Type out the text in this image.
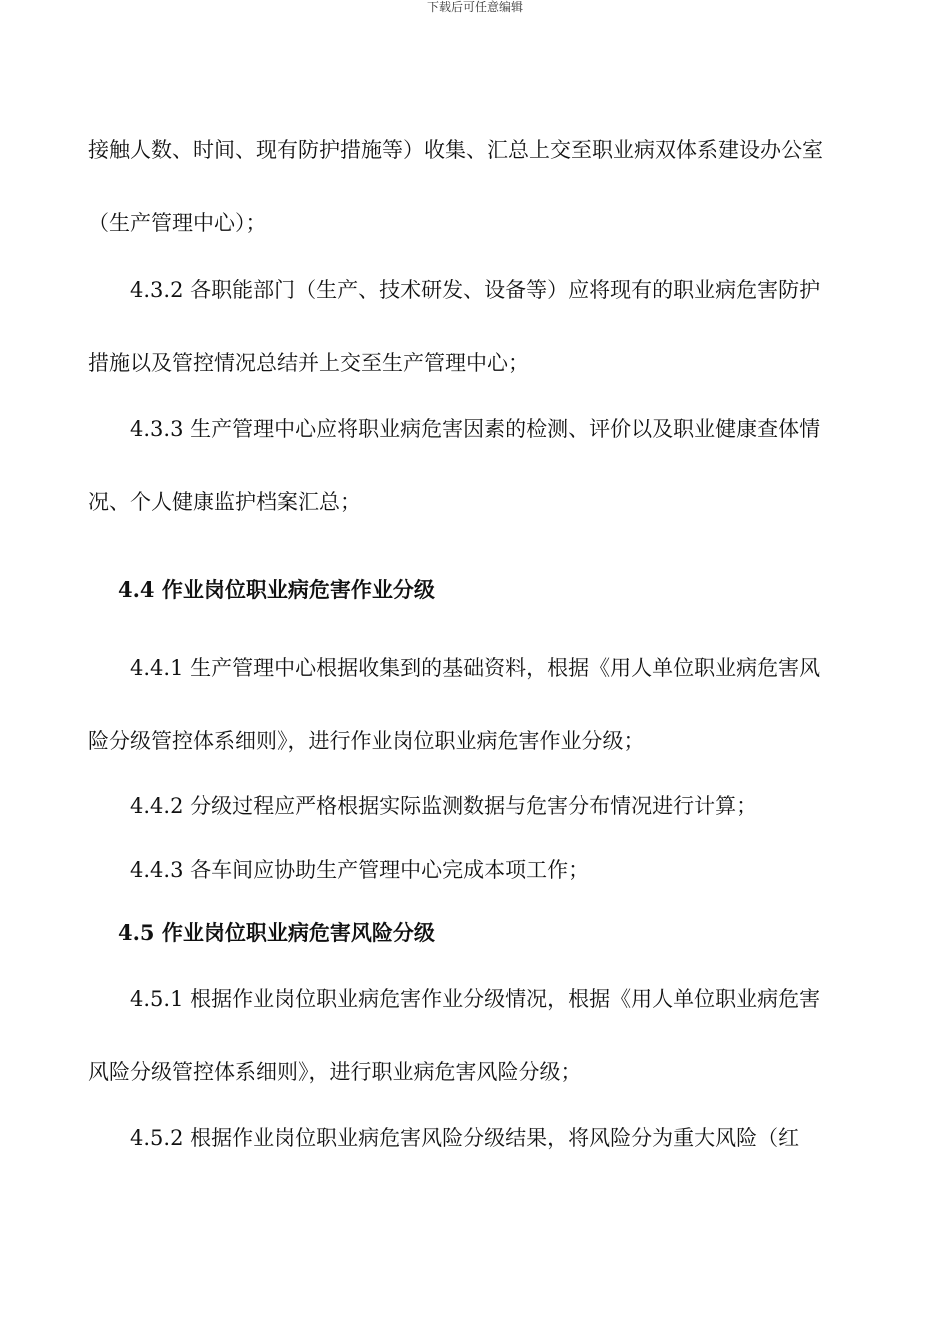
下载后可任意编辑
接触人数、时间、现有防护措施等）收集、汇总上交至职业病双体系建设办公室
（生产管理中心）；
4.3.2 各职能部门（生产、技术研发、设备等）应将现有的职业病危害防护
措施以及管控情况总结并上交至生产管理中心；
4.3.3 生产管理中心应将职业病危害因素的检测、评价以及职业健康查体情
况、个人健康监护档案汇总；
4.4 作业岗位职业病危害作业分级
4.4.1 生产管理中心根据收集到的基础资料，根据《用人单位职业病危害风
险分级管控体系细则》，进行作业岗位职业病危害作业分级；
4.4.2 分级过程应严格根据实际监测数据与危害分布情况进行计算；
4.4.3 各车间应协助生产管理中心完成本项工作；
4.5 作业岗位职业病危害风险分级
4.5.1 根据作业岗位职业病危害作业分级情况，根据《用人单位职业病危害
风险分级管控体系细则》，进行职业病危害风险分级；
4.5.2 根据作业岗位职业病危害风险分级结果，将风险分为重大风险（红
